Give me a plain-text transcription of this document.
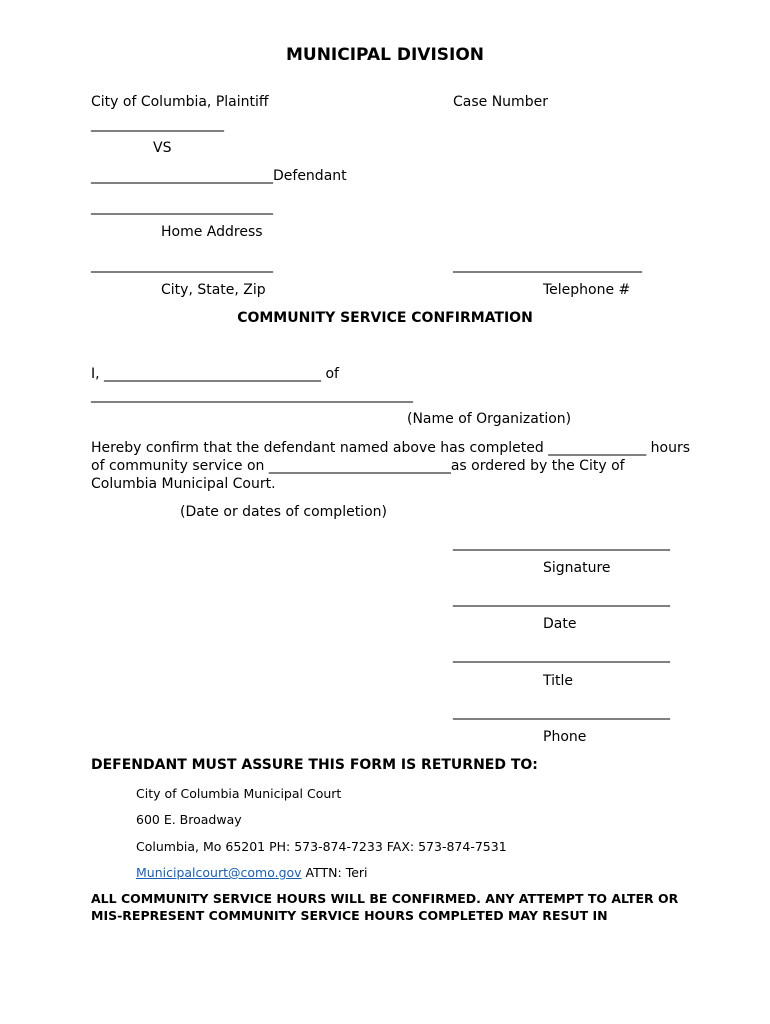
MUNICIPAL DIVISION
City of Columbia, Plaintiff	Case Number
___________________
VS
__________________________Defendant
__________________________
Home Address
__________________________	___________________________
City, State, Zip	Telephone #
COMMUNITY SERVICE CONFIRMATION
I, _______________________________ of
______________________________________________
(Name of Organization)
Hereby confirm that the defendant named above has completed ______________ hours of community service on __________________________as ordered by the City of Columbia Municipal Court.
(Date or dates of completion)
_______________________________
Signature
_______________________________
Date
_______________________________
Title
_______________________________
Phone
DEFENDANT MUST ASSURE THIS FORM IS RETURNED TO:
City of Columbia Municipal Court
600 E. Broadway
Columbia, Mo 65201 PH: 573-874-7233 FAX: 573-874-7531
Municipalcourt@como.gov ATTN: Teri
ALL COMMUNITY SERVICE HOURS WILL BE CONFIRMED. ANY ATTEMPT TO ALTER OR MIS-REPRESENT COMMUNITY SERVICE HOURS COMPLETED MAY RESUT IN
